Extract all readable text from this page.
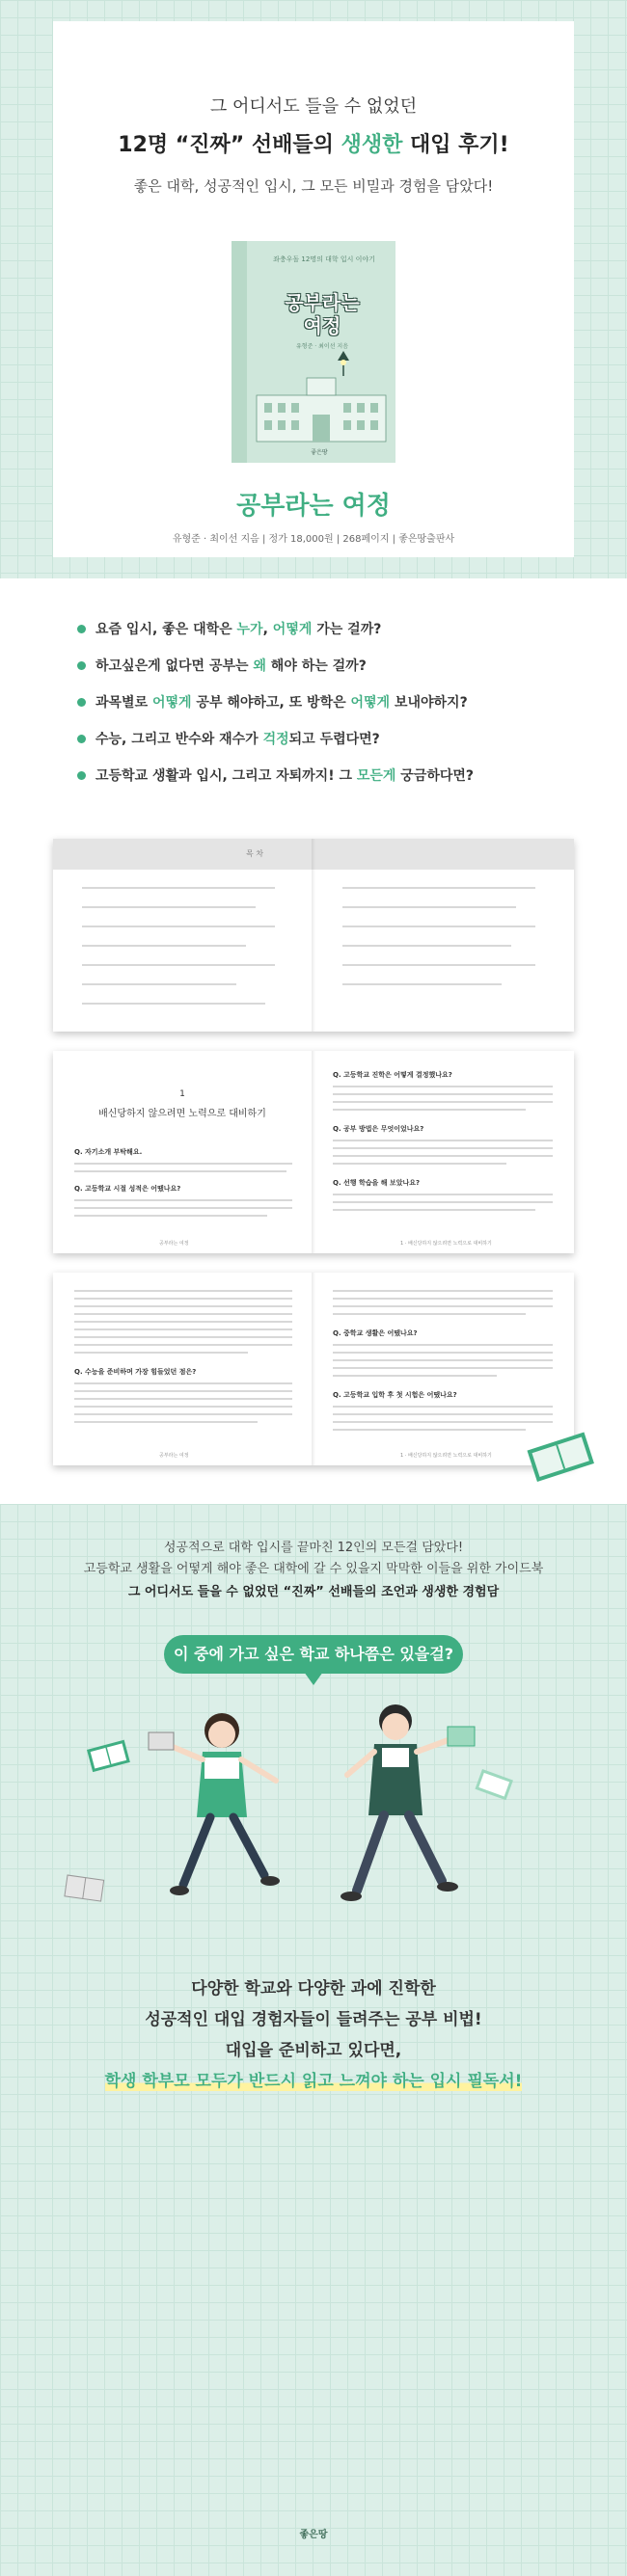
그 어디서도 들을 수 없었던
12명 “진짜” 선배들의 생생한 대입 후기!
좋은 대학, 성공적인 입시, 그 모든 비밀과 경험을 담았다!
좌충우돌 12명의 대학 입시 이야기
공부라는
여정
유형준 · 최이선 지음
좋은땅
공부라는 여정
유형준 · 최이선 지음 | 정가 18,000원 | 268페이지 | 좋은땅출판사
요즘 입시, 좋은 대학은 누가, 어떻게 가는 걸까?
하고싶은게 없다면 공부는 왜 해야 하는 걸까?
과목별로 어떻게 공부 해야하고, 또 방학은 어떻게 보내야하지?
수능, 그리고 반수와 재수가 걱정되고 두렵다면?
고등학교 생활과 입시, 그리고 자퇴까지! 그 모든게 궁금하다면?
목 차
1
배신당하지 않으려면 노력으로 대비하기
Q. 자기소개 부탁해요.
Q. 고등학교 시절 성적은 어땠나요?
공부라는 여정
Q. 고등학교 진학은 어떻게 결정했나요?
Q. 공부 방법은 무엇이었나요?
Q. 선행 학습을 해 보았나요?
1 · 배신당하지 않으려면 노력으로 대비하기
Q. 수능을 준비하며 가장 힘들었던 점은?
공부라는 여정
Q. 중학교 생활은 어땠나요?
Q. 고등학교 입학 후 첫 시험은 어땠나요?
1 · 배신당하지 않으려면 노력으로 대비하기
성공적으로 대학 입시를 끝마친 12인의 모든걸 담았다!
고등학교 생활을 어떻게 해야 좋은 대학에 갈 수 있을지 막막한 이들을 위한 가이드북
그 어디서도 들을 수 없었던 “진짜” 선배들의 조언과 생생한 경험담
이 중에 가고 싶은 학교 하나쯤은 있을걸?
다양한 학교와 다양한 과에 진학한
성공적인 대입 경험자들이 들려주는 공부 비법!
대입을 준비하고 있다면,
학생 학부모 모두가 반드시 읽고 느껴야 하는 입시 필독서!
좋은땅
